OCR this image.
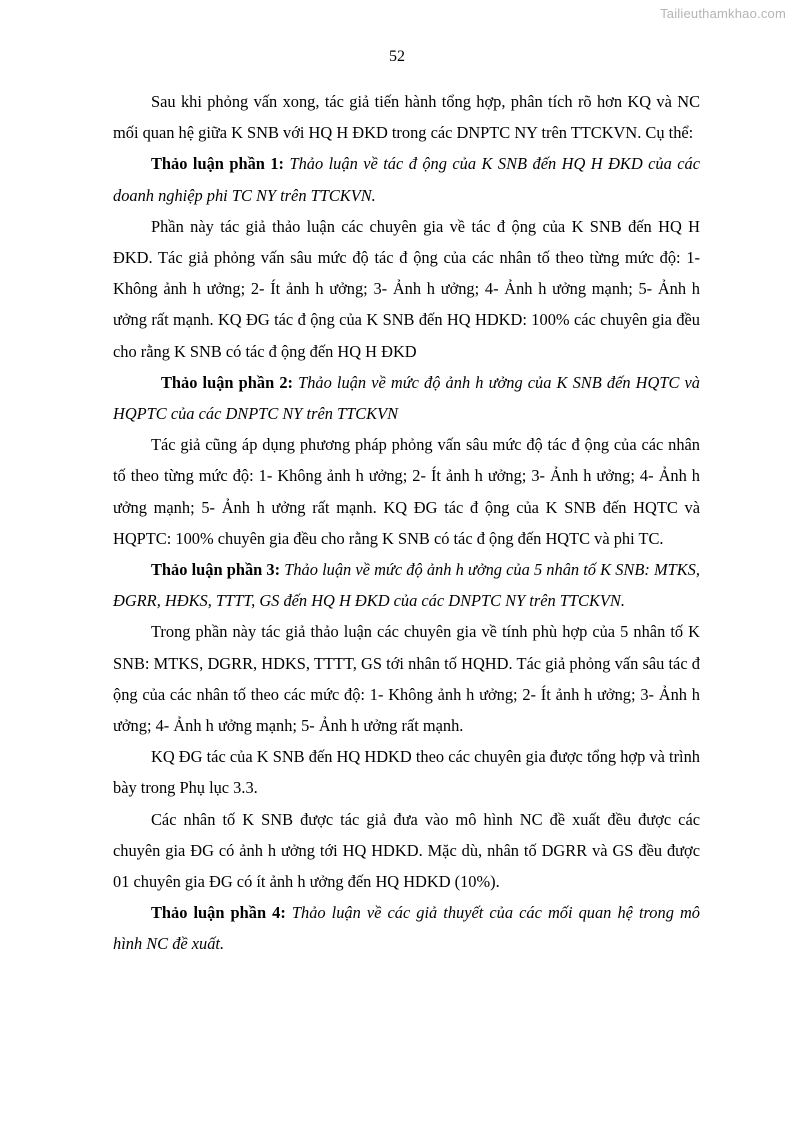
Tailieuthamkhao.com
52

Sau khi phỏng vấn xong, tác giả tiến hành tổng hợp, phân tích rõ hơn KQ và NC mối quan hệ giữa K SNB với HQ H ĐKD trong các DNPTC NY trên TTCKVN. Cụ thể:

Thảo luận phần 1: Thảo luận về tác đ ộng của K SNB đến HQ H ĐKD của các doanh nghiệp phi TC NY trên TTCKVN.

Phần này tác giả thảo luận các chuyên gia về tác đ ộng của K SNB đến HQ H ĐKD. Tác giả phỏng vấn sâu mức độ tác đ ộng của các nhân tố theo từng mức độ: 1- Không ảnh h ưởng; 2- Ít ảnh h ưởng; 3- Ảnh h ưởng; 4- Ảnh h ưởng mạnh; 5- Ảnh h ưởng rất mạnh. KQ ĐG tác đ ộng của K SNB đến HQ HDKD: 100% các chuyên gia đều cho rằng K SNB có tác đ ộng đến HQ H ĐKD

Thảo luận phần 2: Thảo luận về mức độ ảnh h ưởng của K SNB đến HQTC và HQPTC của các DNPTC NY trên TTCKVN

Tác giả cũng áp dụng phương pháp phỏng vấn sâu mức độ tác đ ộng của các nhân tố theo từng mức độ: 1- Không ảnh h ưởng; 2- Ít ảnh h ưởng; 3- Ảnh h ưởng; 4- Ảnh h ưởng mạnh; 5- Ảnh h ưởng rất mạnh. KQ ĐG tác đ ộng của K SNB đến HQTC và HQPTC: 100% chuyên gia đều cho rằng K SNB có tác đ ộng đến HQTC và phi TC.

Thảo luận phần 3: Thảo luận về mức độ ảnh h ưởng của 5 nhân tố K SNB: MTKS, ĐGRR, HĐKS, TTTT, GS đến HQ H ĐKD của các DNPTC NY trên TTCKVN.

Trong phần này tác giả thảo luận các chuyên gia về tính phù hợp của 5 nhân tố K SNB: MTKS, DGRR, HDKS, TTTT, GS tới nhân tố HQHD. Tác giả phỏng vấn sâu tác đ ộng của các nhân tố theo các mức độ: 1- Không ảnh h ưởng; 2- Ít ảnh h ưởng; 3- Ảnh h ưởng; 4- Ảnh h ưởng mạnh; 5- Ảnh h ưởng rất mạnh.

KQ ĐG tác của K SNB đến HQ HDKD theo các chuyên gia được tổng hợp và trình bày trong Phụ lục 3.3.

Các nhân tố K SNB được tác giả đưa vào mô hình NC đề xuất đều được các chuyên gia ĐG có ảnh h ưởng tới HQ HDKD. Mặc dù, nhân tố DGRR và GS đều được 01 chuyên gia ĐG có ít ảnh h ưởng đến HQ HDKD (10%).

Thảo luận phần 4: Thảo luận về các giả thuyết của các mối quan hệ trong mô hình NC đề xuất.
